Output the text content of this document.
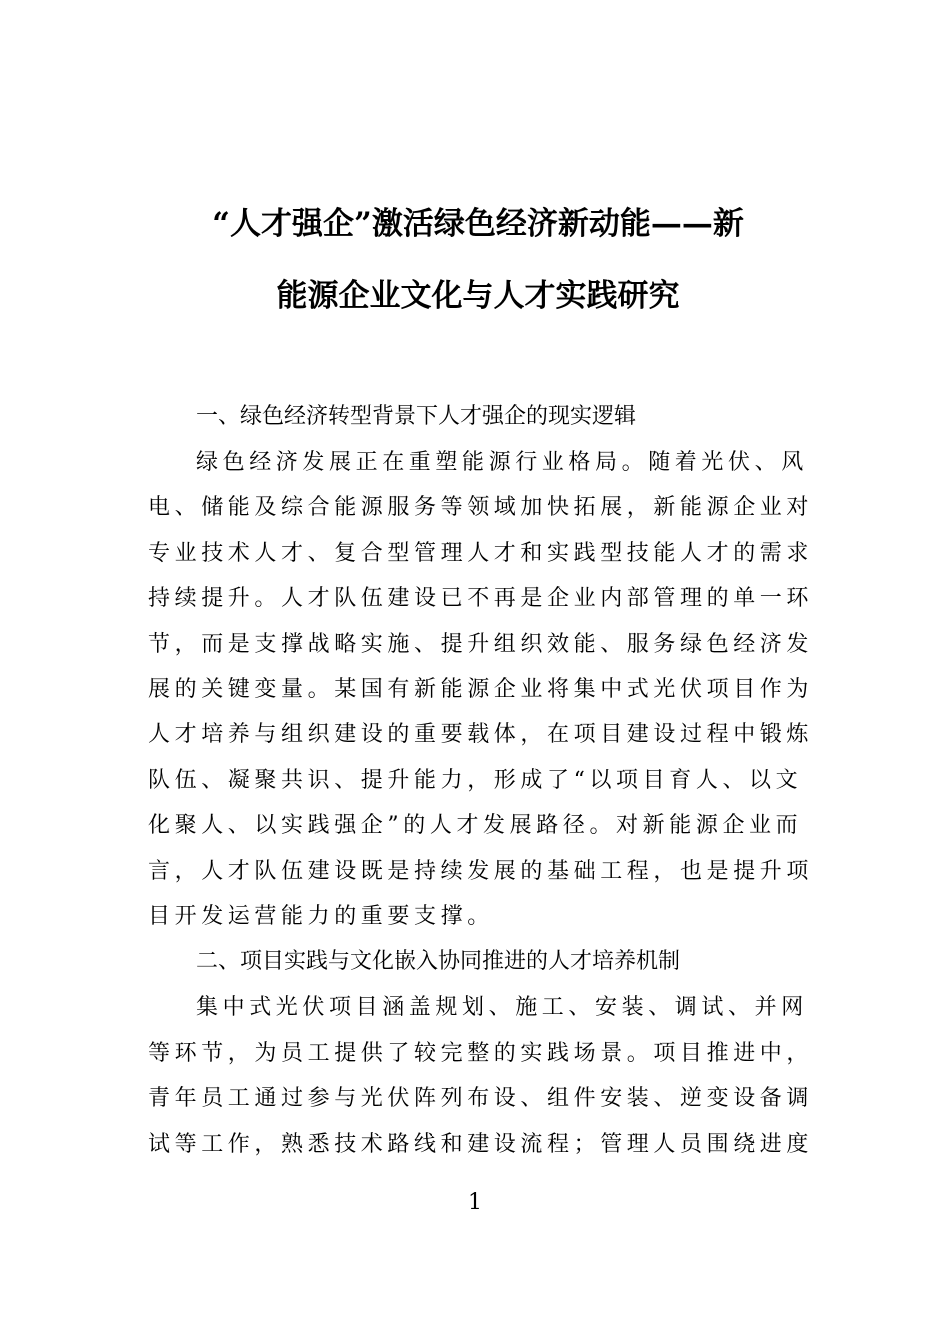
“人才强企”激活绿色经济新动能——新
能源企业文化与人才实践研究
一、绿色经济转型背景下人才强企的现实逻辑

绿色经济发展正在重塑能源行业格局。随着光伏、风
电、储能及综合能源服务等领域加快拓展，新能源企业对
专业技术人才、复合型管理人才和实践型技能人才的需求
持续提升。人才队伍建设已不再是企业内部管理的单一环
节，而是支撑战略实施、提升组织效能、服务绿色经济发
展的关键变量。某国有新能源企业将集中式光伏项目作为
人才培养与组织建设的重要载体，在项目建设过程中锻炼
队伍、凝聚共识、提升能力，形成了“以项目育人、以文
化聚人、以实践强企”的人才发展路径。对新能源企业而
言，人才队伍建设既是持续发展的基础工程，也是提升项
目开发运营能力的重要支撑。

二、项目实践与文化嵌入协同推进的人才培养机制

集中式光伏项目涵盖规划、施工、安装、调试、并网
等环节，为员工提供了较完整的实践场景。项目推进中，
青年员工通过参与光伏阵列布设、组件安装、逆变设备调
试等工作，熟悉技术路线和建设流程；管理人员围绕进度

1
